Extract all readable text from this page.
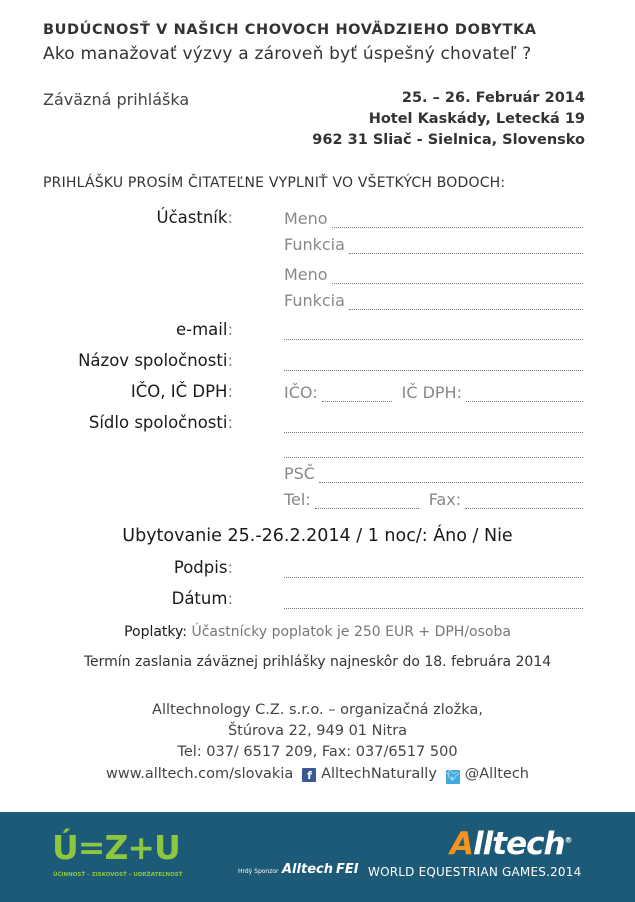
BUDÚCNOSŤ V NAŠICH CHOVOCH HOVÄDZIEHO DOBYTKA
Ako manažovať výzvy a zároveň byť úspešný chovateľ ?
Záväzná prihláška	25. – 26. Február 2014
Hotel Kaskády, Letecká 19
962 31 Sliač - Sielnica, Slovensko
PRIHLÁŠKU PROSÍM ČITATEĽNE VYPLNIŤ VO VŠETKÝCH BODOCH:
Účastník:	Meno
Funkcia
Meno
Funkcia
e-mail:
Názov spoločnosti:
IČO, IČ DPH:	IČO:	IČ DPH:
Sídlo spoločnosti:
PSČ
Tel:	Fax:
Ubytovanie 25.-26.2.2014 / 1 noc/: Áno / Nie
Podpis:
Dátum:
Poplatky: Účastnícky poplatok je 250 EUR + DPH/osoba
Termín zaslania záväznej prihlášky najneskôr do 18. februára 2014
Alltechnology C.Z. s.r.o. – organizačná zložka,
Štúrova 22, 949 01 Nitra
Tel: 037/ 6517 209, Fax: 037/6517 500
www.alltech.com/slovakia f AlltechNaturally 🐦︎ @Alltech
Ú=Z+U
ÚČINNOSŤ – ZISKOVOSŤ – UDRŽATEĽNOSŤ
Alltech®
Hrdý Sponzor Alltech FEI WORLD EQUESTRIAN GAMES.2014
